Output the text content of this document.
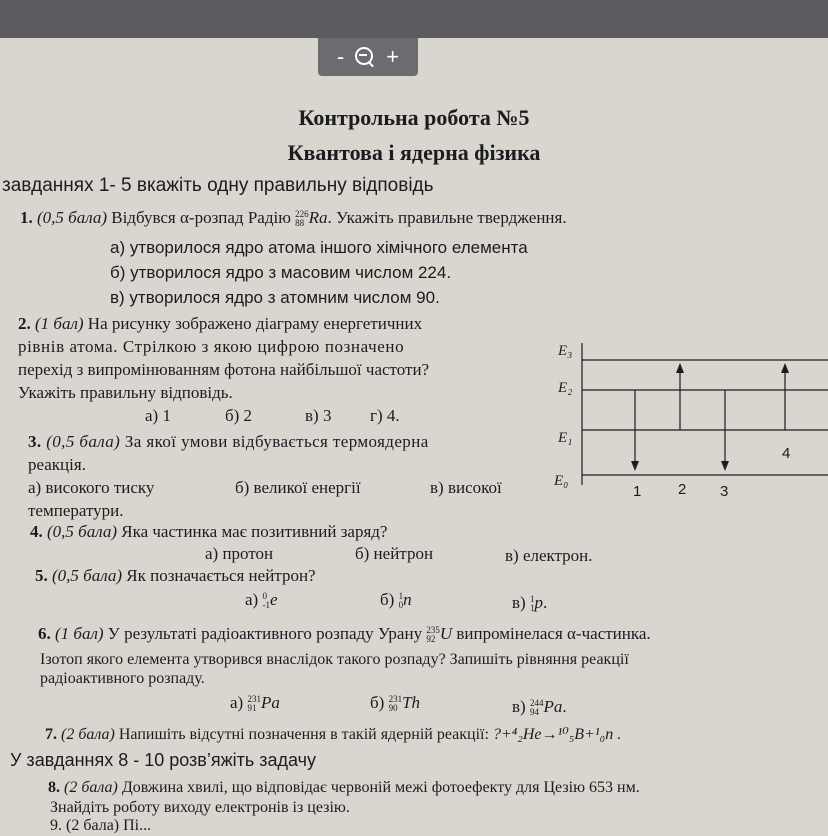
- +
Контрольна робота №5
Квантова і ядерна фізика
завданнях 1- 5 вкажіть одну правильну відповідь
1. (0,5 бала) Відбувся α-розпад Радію 226
88 Ra. Укажіть правильне твердження.
а) утворилося ядро атома іншого хімічного елемента
б) утворилося ядро з масовим числом 224.
в) утворилося ядро з атомним числом 90.
2. (1 бал) На рисунку зображено діаграму енергетичних
рівнів атома. Стрілкою з якою цифрою позначено
перехід з випромінюванням фотона найбільшої частоти?
Укажіть правильну відповідь.
а) 1	б) 2	в) 3 г) 4.
E₃
E₂
E₁
E₀
1 2 3
4
3. (0,5 бала) За якої умови відбувається термоядерна
реакція.
а) високого тиску	б) великої енергії	в) високої
температури.
4. (0,5 бала) Яка частинка має позитивний заряд?
а) протон	б) нейтрон	в) електрон.
5. (0,5 бала) Як позначається нейтрон?
а) 0
-1 e	б) 1
0 n	в) 1
1 p.
6. (1 бал) У результаті радіоактивного розпаду Урану 235
92 U випромінелася α-частинка.
Ізотоп якого елемента утворився внаслідок такого розпаду? Запишіть рівняння реакції
радіоактивного розпаду.
а) 231
91 Pa	б) 231
90 Th	в) 244
94 Pa.
7. (2 бала) Напишіть відсутні позначення в такій ядерній реакції: ?+⁴₂He→¹⁰₅B+¹₀n .
У завданнях 8 - 10 розв’яжіть задачу
8. (2 бала) Довжина хвилі, що відповідає червоній межі фотоефекту для Цезію 653 нм.
Знайдіть роботу виходу електронів із цезію.
9. (2 бала) Пі...
